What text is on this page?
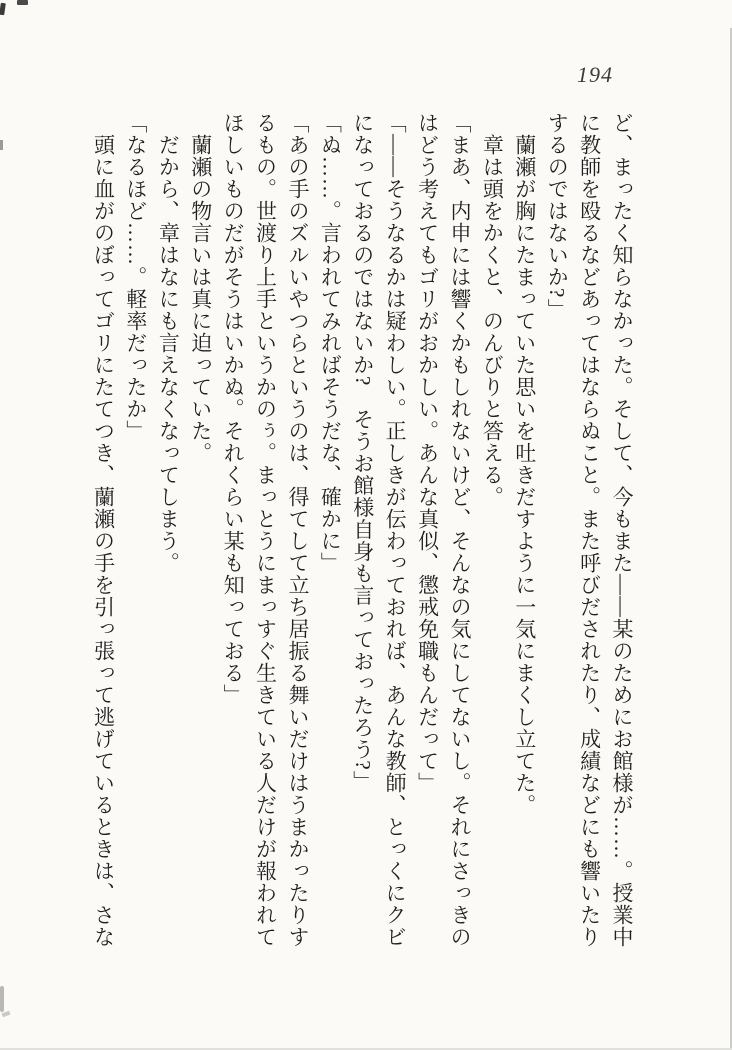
194
ど、まったく知らなかった。そして、今もまた――某のためにお館様が……。授業中
に教師を殴るなどあってはならぬこと。また呼びだされたり、成績などにも響いたり
するのではないか?」
蘭瀬が胸にたまっていた思いを吐きだすように一気にまくし立てた。
章は頭をかくと、のんびりと答える。
「まあ、内申には響くかもしれないけど、そんなの気にしてないし。それにさっきの
はどう考えてもゴリがおかしい。あんな真似、懲戒免職もんだって」
「――そうなるかは疑わしい。正しきが伝わっておれば、あんな教師、とっくにクビ
になっておるのではないか?　そうお館様自身も言っておったろう?」
「ぬ……。言われてみればそうだな、確かに」
「あの手のズルいやつらというのは、得てして立ち居振る舞いだけはうまかったりす
るもの。世渡り上手というかのぅ。まっとうにまっすぐ生きている人だけが報われて
ほしいものだがそうはいかぬ。それくらい某も知っておる」
蘭瀬の物言いは真に迫っていた。
だから、章はなにも言えなくなってしまう。
「なるほど……。軽率だったか」
頭に血がのぼってゴリにたてつき、蘭瀬の手を引っ張って逃げているときは、さな
